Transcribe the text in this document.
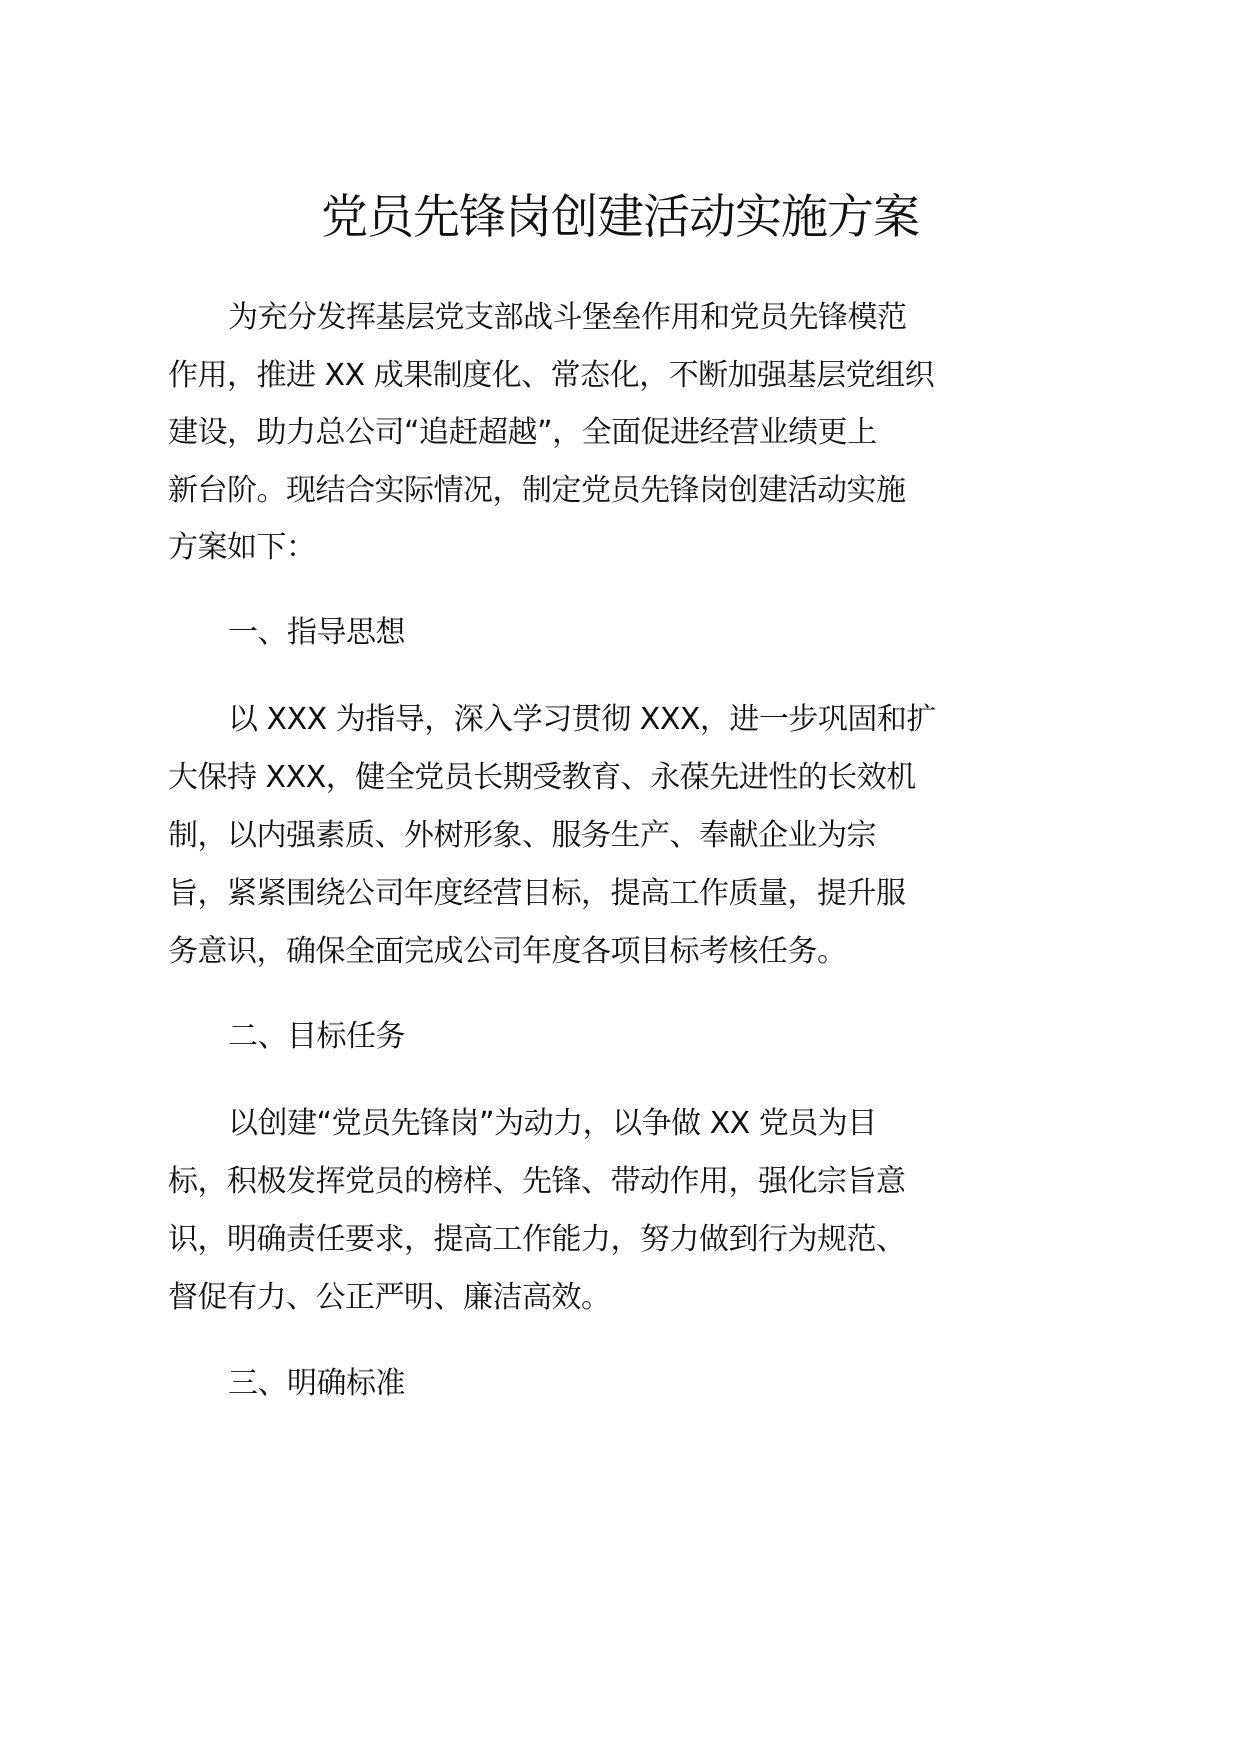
党员先锋岗创建活动实施方案

为充分发挥基层党支部战斗堡垒作用和党员先锋模范

作用，推进 XX 成果制度化、常态化，不断加强基层党组织

建设，助力总公司“追赶超越”，全面促进经营业绩更上

新台阶。现结合实际情况，制定党员先锋岗创建活动实施

方案如下：

一、指导思想

以 XXX 为指导，深入学习贯彻 XXX，进一步巩固和扩

大保持 XXX，健全党员长期受教育、永葆先进性的长效机

制，以内强素质、外树形象、服务生产、奉献企业为宗

旨，紧紧围绕公司年度经营目标，提高工作质量，提升服

务意识，确保全面完成公司年度各项目标考核任务。

二、目标任务

以创建“党员先锋岗”为动力，以争做 XX 党员为目

标，积极发挥党员的榜样、先锋、带动作用，强化宗旨意

识，明确责任要求，提高工作能力，努力做到行为规范、

督促有力、公正严明、廉洁高效。

三、明确标准
